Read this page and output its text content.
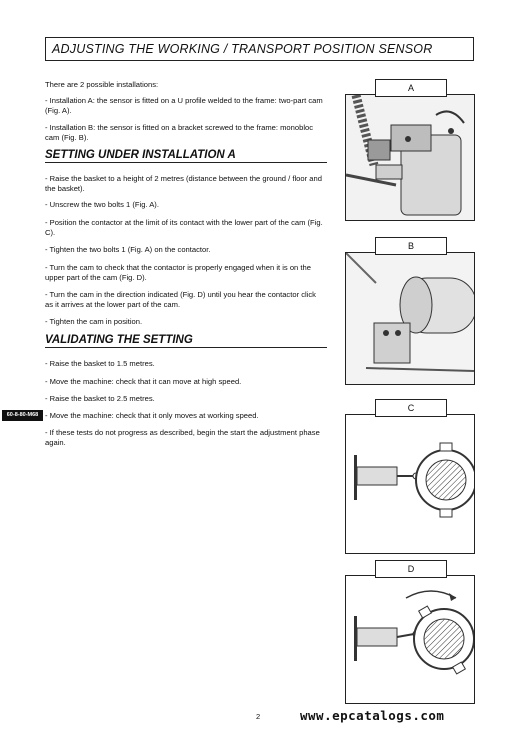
ADJUSTING THE WORKING / TRANSPORT POSITION SENSOR
There are 2 possible installations:
- Installation A: the sensor is fitted on a U profile welded to the frame: two-part cam (Fig. A).
- Installation B: the sensor is fitted on a bracket screwed to the frame: monobloc cam (Fig. B).
SETTING UNDER INSTALLATION A
- Raise the basket to a height of 2 metres (distance between the ground / floor and the basket).
- Unscrew the two bolts 1 (Fig. A).
- Position the contactor at the limit of its contact with the lower part of the cam (Fig. C).
- Tighten the two bolts 1 (Fig. A) on the contactor.
- Turn the cam to check that the contactor is properly engaged when it is on the upper part of the cam (Fig. D).
- Turn the cam in the direction indicated (Fig. D) until you hear the contactor click as it arrives at the lower part of the cam.
- Tighten the cam in position.
VALIDATING THE SETTING
- Raise the basket to 1.5 metres.
- Move the machine: check that it can move at high speed.
- Raise the basket to 2.5 metres.
- Move the machine: check that it only moves at working speed.
- If these tests do not progress as described, begin the start the adjustment phase again.
60-8-80-M68
A
B
C
D
2	www.epcatalogs.com
